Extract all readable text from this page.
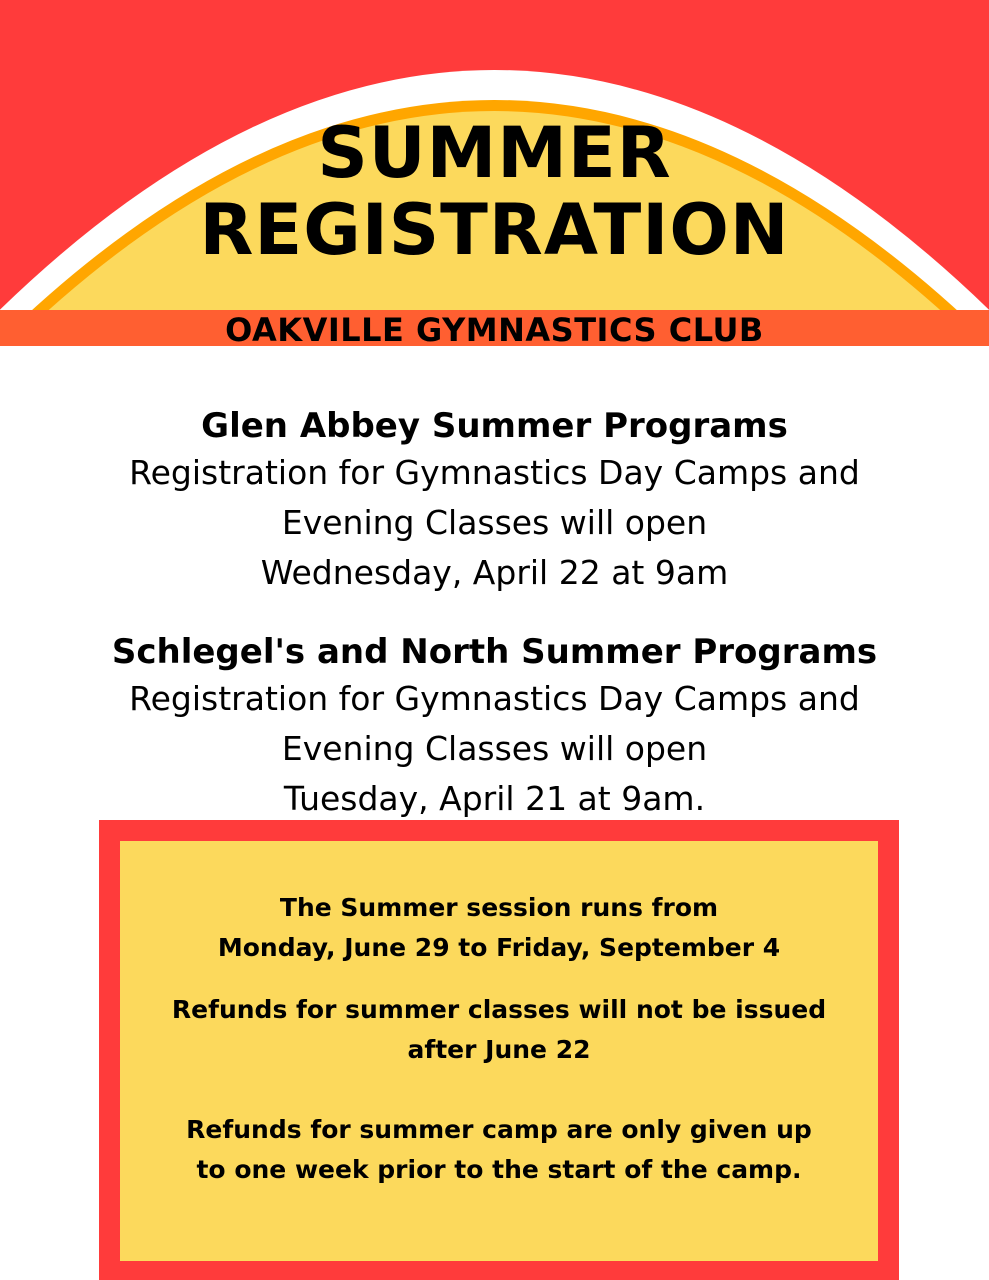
SUMMER
REGISTRATION
OAKVILLE GYMNASTICS CLUB

Glen Abbey Summer Programs

Registration for Gymnastics Day Camps and

Evening Classes will open

Wednesday, April 22 at 9am

Schlegel's and North Summer Programs

Registration for Gymnastics Day Camps and

Evening Classes will open

Tuesday, April 21 at 9am.

The Summer session runs from
Monday, June 29 to Friday, September 4
Refunds for summer classes will not be issued
after June 22
Refunds for summer camp are only given up
to one week prior to the start of the camp.
